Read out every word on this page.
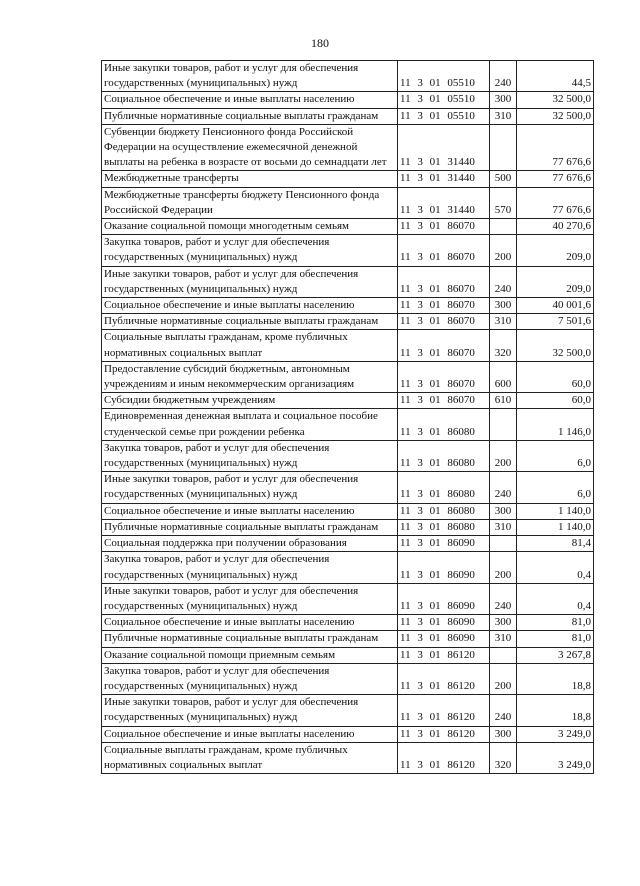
180
Иные закупки товаров, работ и услуг для обеспечения государственных (муниципальных) нужд	11 3 01 05510	240	44,5
Социальное обеспечение и иные выплаты населению	11 3 01 05510	300	32 500,0
Публичные нормативные социальные выплаты гражданам	11 3 01 05510	310	32 500,0
Субвенции бюджету Пенсионного фонда Российской Федерации на осуществление ежемесячной денежной выплаты на ребенка в возрасте от восьми до семнадцати лет	11 3 01 31440		77 676,6
Межбюджетные трансферты	11 3 01 31440	500	77 676,6
Межбюджетные трансферты бюджету Пенсионного фонда Российской Федерации	11 3 01 31440	570	77 676,6
Оказание социальной помощи многодетным семьям	11 3 01 86070		40 270,6
Закупка товаров, работ и услуг для обеспечения государственных (муниципальных) нужд	11 3 01 86070	200	209,0
Иные закупки товаров, работ и услуг для обеспечения государственных (муниципальных) нужд	11 3 01 86070	240	209,0
Социальное обеспечение и иные выплаты населению	11 3 01 86070	300	40 001,6
Публичные нормативные социальные выплаты гражданам	11 3 01 86070	310	7 501,6
Социальные выплаты гражданам, кроме публичных нормативных социальных выплат	11 3 01 86070	320	32 500,0
Предоставление субсидий бюджетным, автономным учреждениям и иным некоммерческим организациям	11 3 01 86070	600	60,0
Субсидии бюджетным учреждениям	11 3 01 86070	610	60,0
Единовременная денежная выплата и социальное пособие студенческой семье при рождении ребенка	11 3 01 86080		1 146,0
Закупка товаров, работ и услуг для обеспечения государственных (муниципальных) нужд	11 3 01 86080	200	6,0
Иные закупки товаров, работ и услуг для обеспечения государственных (муниципальных) нужд	11 3 01 86080	240	6,0
Социальное обеспечение и иные выплаты населению	11 3 01 86080	300	1 140,0
Публичные нормативные социальные выплаты гражданам	11 3 01 86080	310	1 140,0
Социальная поддержка при получении образования	11 3 01 86090		81,4
Закупка товаров, работ и услуг для обеспечения государственных (муниципальных) нужд	11 3 01 86090	200	0,4
Иные закупки товаров, работ и услуг для обеспечения государственных (муниципальных) нужд	11 3 01 86090	240	0,4
Социальное обеспечение и иные выплаты населению	11 3 01 86090	300	81,0
Публичные нормативные социальные выплаты гражданам	11 3 01 86090	310	81,0
Оказание социальной помощи приемным семьям	11 3 01 86120		3 267,8
Закупка товаров, работ и услуг для обеспечения государственных (муниципальных) нужд	11 3 01 86120	200	18,8
Иные закупки товаров, работ и услуг для обеспечения государственных (муниципальных) нужд	11 3 01 86120	240	18,8
Социальное обеспечение и иные выплаты населению	11 3 01 86120	300	3 249,0
Социальные выплаты гражданам, кроме публичных нормативных социальных выплат	11 3 01 86120	320	3 249,0
